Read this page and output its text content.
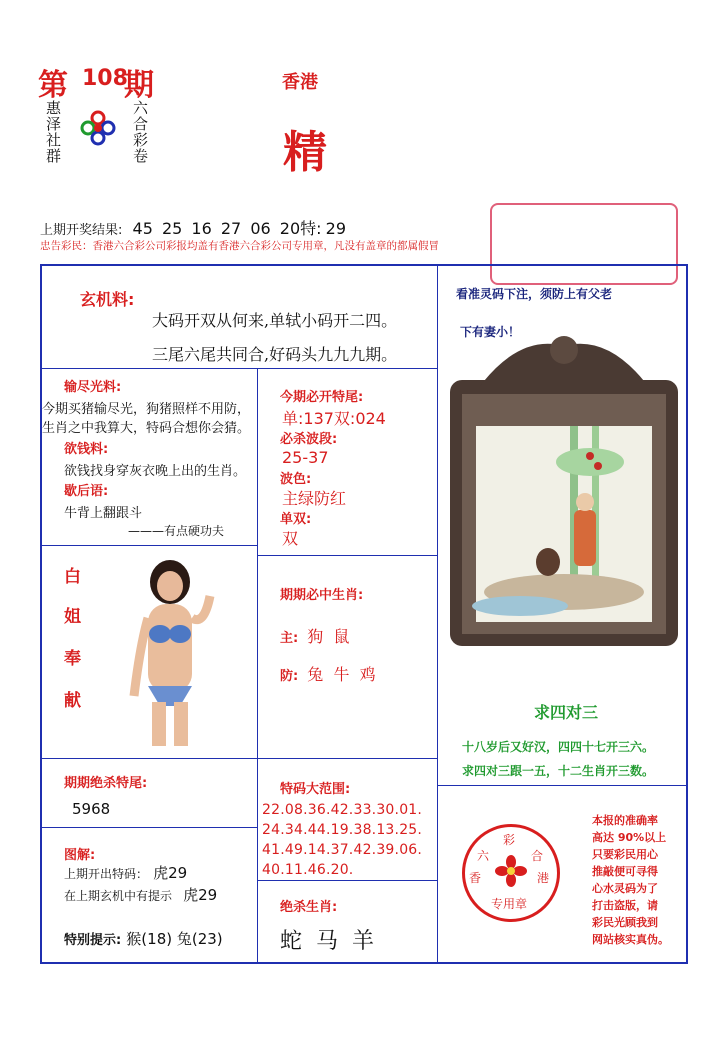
第 108
期
惠泽社群
六合彩卷
香港
精
上期开奖结果: 45 25 16 27 06 20特: 29
忠告彩民：香港六合彩公司彩报均盖有香港六合彩公司专用章，凡没有盖章的都属假冒
玄机料:
大码开双从何来,单轼小码开二四。
三尾六尾共同合,好码头九九九期。
输尽光料:
今期买猪输尽光，狗猪照样不用防，生肖之中我算大，特码合想你会猜。
欲钱料:
欲钱找身穿灰衣晚上出的生肖。
歇后语:
牛背上翻跟斗
———有点硬功夫
今期必开特尾:
单:137双:024
必杀波段:
25-37
波色:
主绿防红
单双:
双
白
姐
奉
献
期期必中生肖:
主: 狗  鼠
防: 兔  牛  鸡
看准灵码下注，须防上有父老
下有妻小！
求四对三
十八岁后又好汉，四四十七开三六。
求四对三跟一五，十二生肖开三数。
期期绝杀特尾:
5968
特码大范围:
22.08.36.42.33.30.01.
24.34.44.19.38.13.25.
41.49.14.37.42.39.06.
40.11.46.20.
图解:
上期开出特码： 虎29
在上期玄机中有提示 虎29
特别提示: 猴(18) 兔(23)
绝杀生肖:
蛇  马  羊
彩
六	合
香	港
专用章
本报的准确率
高达 90%以上
只要彩民用心
推敲便可寻得
心水灵码为了
打击盗版，请
彩民光顾我到
网站核实真伪。
